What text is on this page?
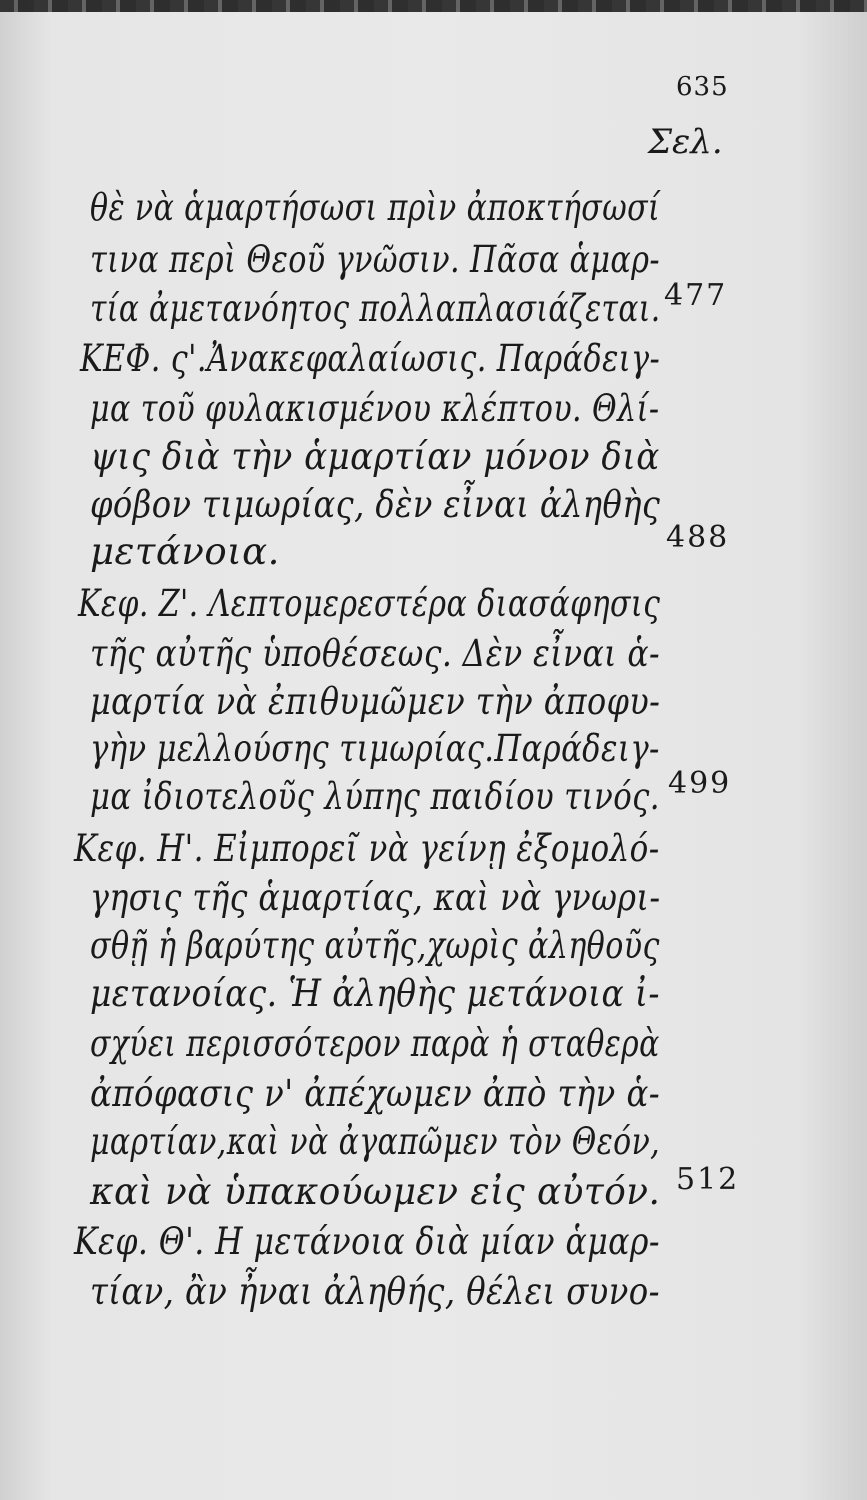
635
Σελ.
θὲ νὰ ἁμαρτήσωσι πρὶν ἀποκτήσωσί
τινα περὶ Θεοῦ γνῶσιν. Πᾶσα ἁμαρ-
τία ἀμετανόητος πολλαπλασιάζεται.
ΚΕΦ. ς'.Ἀνακεφαλαίωσις. Παράδειγ-
μα τοῦ φυλακισμένου κλέπτου. Θλί-
ψις διὰ τὴν ἁμαρτίαν μόνον διὰ
φόβον τιμωρίας, δὲν εἶναι ἀληθὴς
μετάνοια.
Κεφ. Ζ'. Λεπτομερεστέρα διασάφησις
τῆς αὐτῆς ὑποθέσεως. Δὲν εἶναι ἁ-
μαρτία νὰ ἐπιθυμῶμεν τὴν ἀποφυ-
γὴν μελλούσης τιμωρίας.Παράδειγ-
μα ἰδιοτελοῦς λύπης παιδίου τινός.
Κεφ. Η'. Εἰμπορεῖ νὰ γείνῃ ἐξομολό-
γησις τῆς ἁμαρτίας, καὶ νὰ γνωρι-
σθῇ ἡ βαρύτης αὐτῆς,χωρὶς ἀληθοῦς
μετανοίας. Ἡ ἀληθὴς μετάνοια ἰ-
σχύει περισσότερον παρὰ ἡ σταθερὰ
ἀπόφασις ν' ἀπέχωμεν ἀπὸ τὴν ἁ-
μαρτίαν,καὶ νὰ ἀγαπῶμεν τὸν Θεόν,
καὶ νὰ ὑπακούωμεν εἰς αὐτόν.
Κεφ. Θ'. Η μετάνοια διὰ μίαν ἁμαρ-
τίαν, ἂν ἦναι ἀληθής, θέλει συνο-
477
488
499
512
